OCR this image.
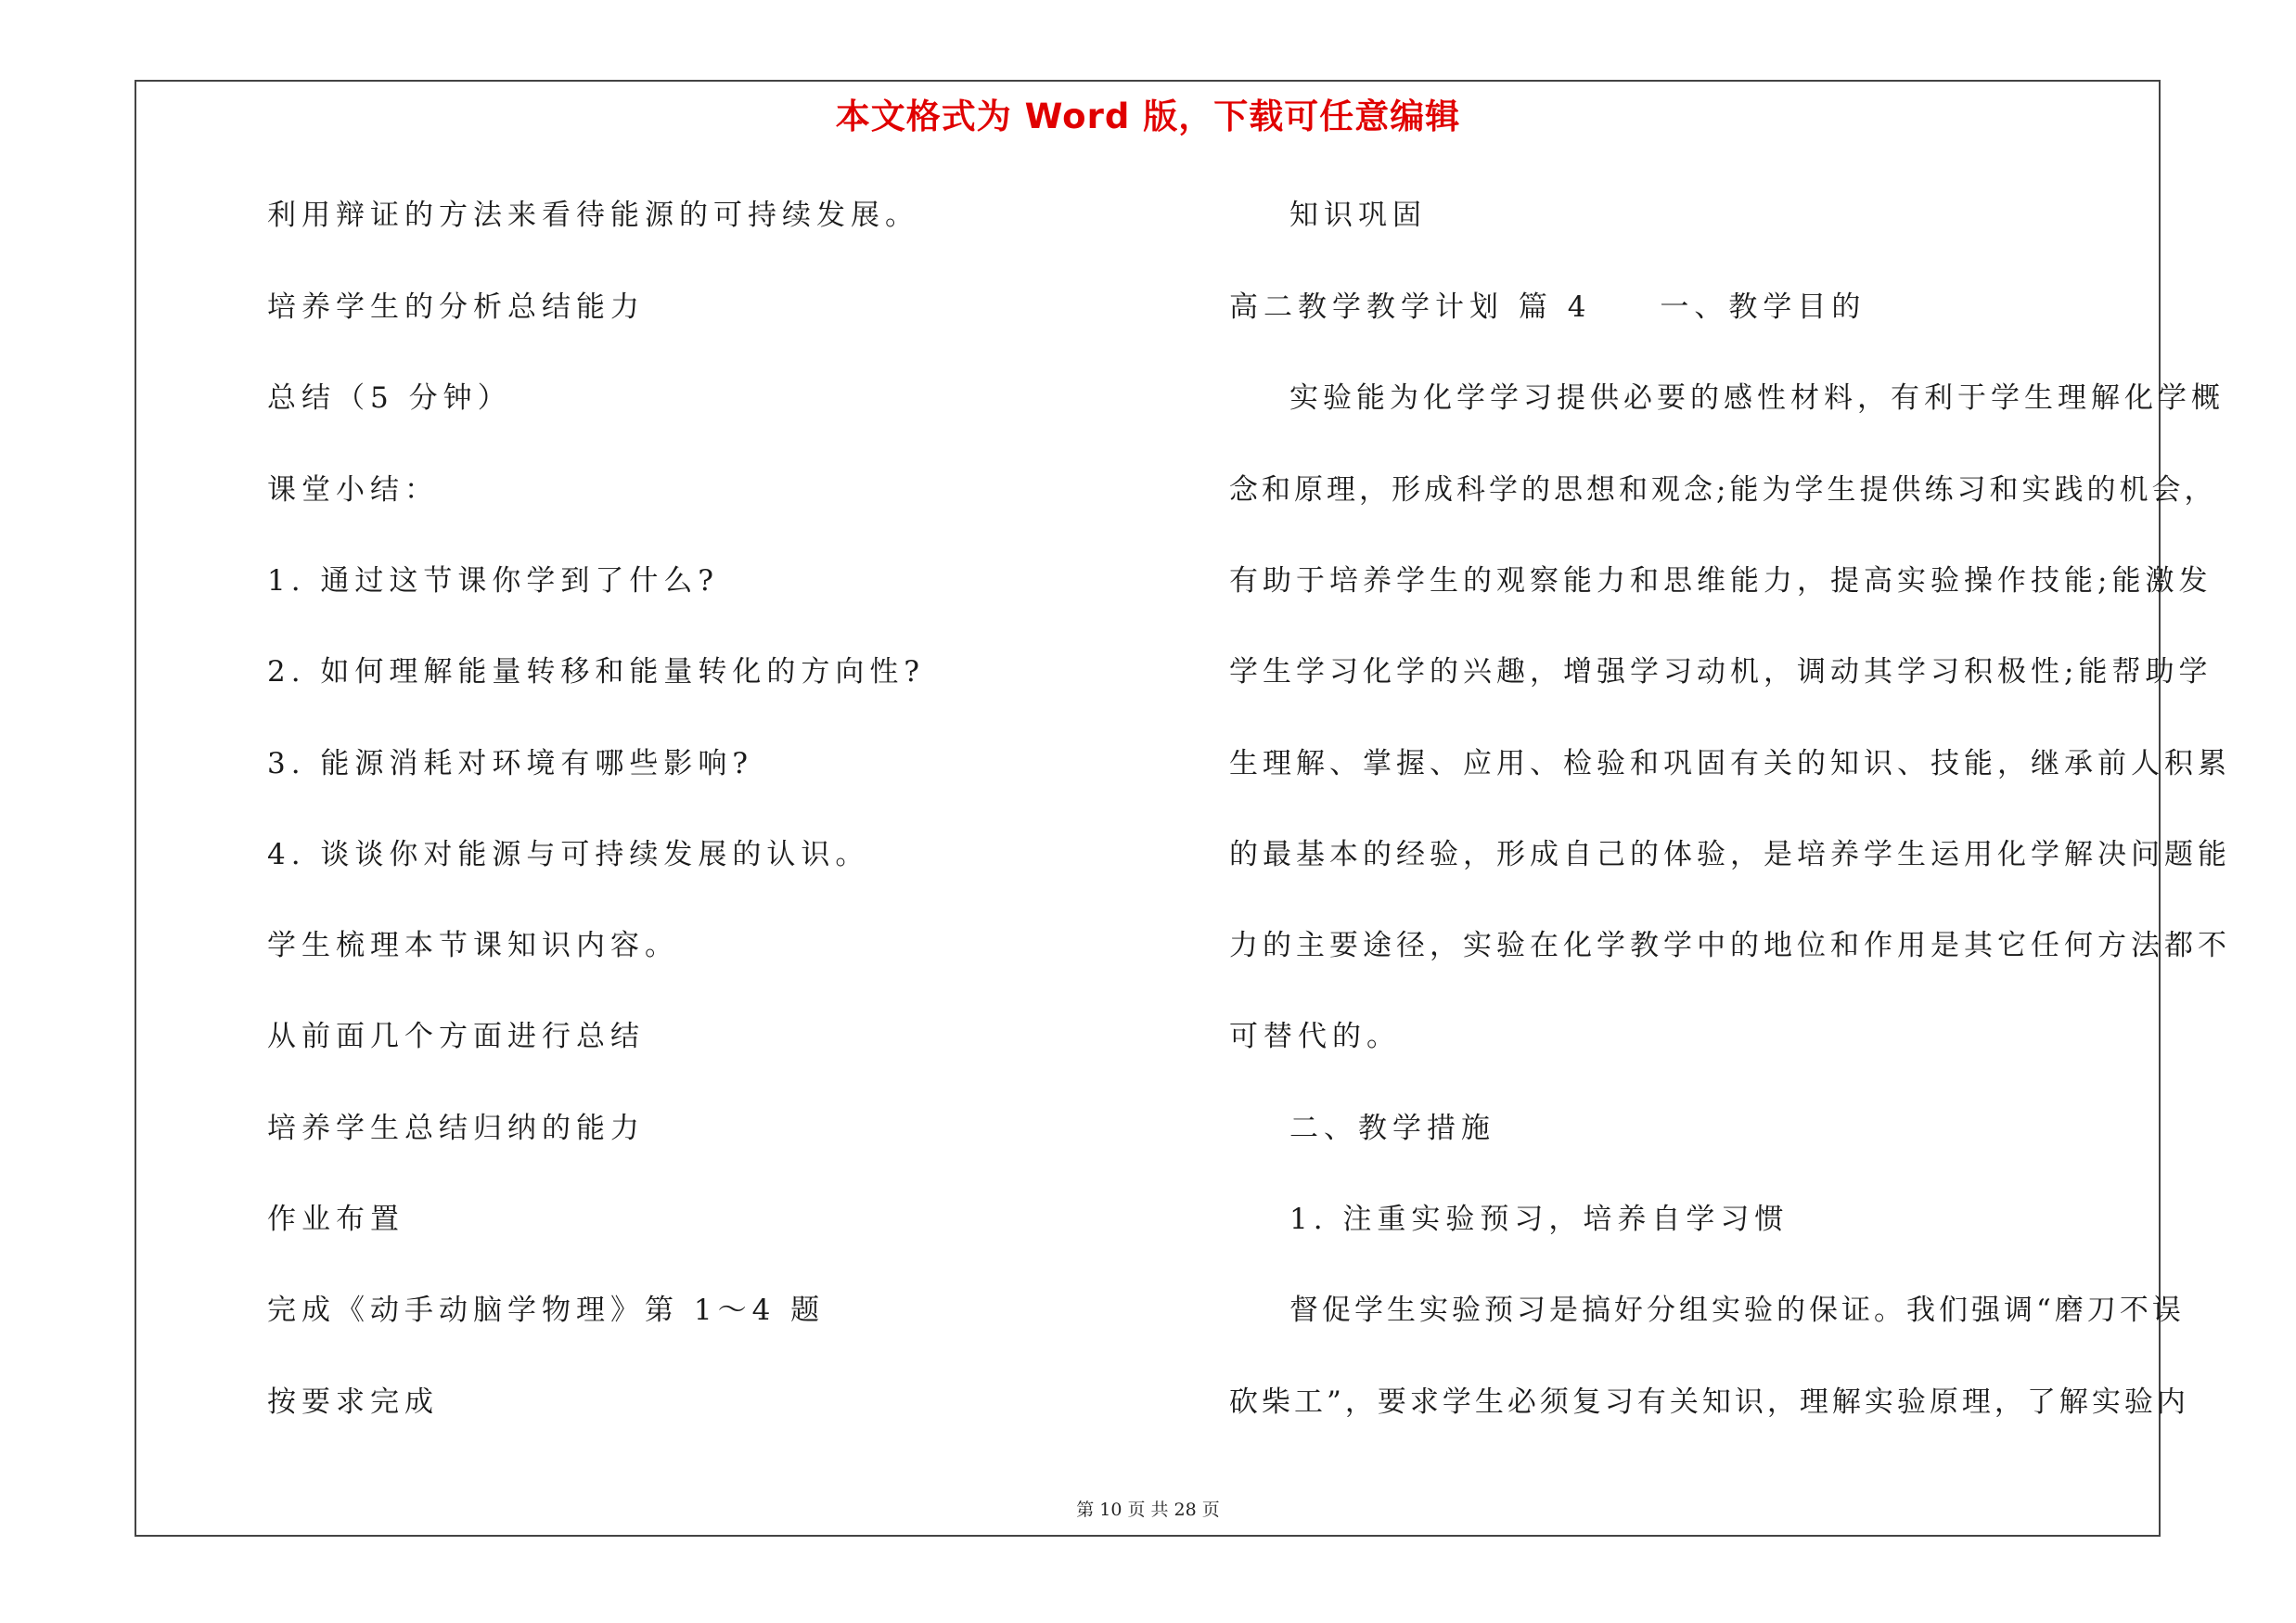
本文格式为 Word 版，下载可任意编辑
利用辩证的方法来看待能源的可持续发展。
培养学生的分析总结能力
总结（5 分钟）
课堂小结：
1. 通过这节课你学到了什么?
2. 如何理解能量转移和能量转化的方向性?
3. 能源消耗对环境有哪些影响?
4. 谈谈你对能源与可持续发展的认识。
学生梳理本节课知识内容。
从前面几个方面进行总结
培养学生总结归纳的能力
作业布置
完成《动手动脑学物理》第 1～4 题
按要求完成
知识巩固
高二教学教学计划 篇 4　　一、教学目的
实验能为化学学习提供必要的感性材料，有利于学生理解化学概
念和原理，形成科学的思想和观念;能为学生提供练习和实践的机会，
有助于培养学生的观察能力和思维能力，提高实验操作技能;能激发
学生学习化学的兴趣，增强学习动机，调动其学习积极性;能帮助学
生理解、掌握、应用、检验和巩固有关的知识、技能，继承前人积累
的最基本的经验，形成自己的体验，是培养学生运用化学解决问题能
力的主要途径，实验在化学教学中的地位和作用是其它任何方法都不
可替代的。
二、教学措施
1. 注重实验预习，培养自学习惯
督促学生实验预习是搞好分组实验的保证。我们强调“磨刀不误
砍柴工”，要求学生必须复习有关知识，理解实验原理，了解实验内
第 10 页 共 28 页
